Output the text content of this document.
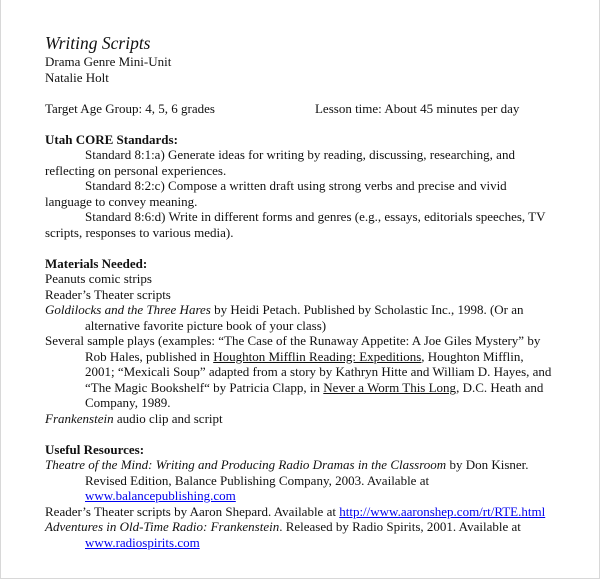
Writing Scripts
Drama Genre Mini-Unit
Natalie Holt
Target Age Group: 4, 5, 6 grades	Lesson time: About 45 minutes per day
Utah CORE Standards:
Standard 8:1:a) Generate ideas for writing by reading, discussing, researching, and
reflecting on personal experiences.
Standard 8:2:c) Compose a written draft using strong verbs and precise and vivid
language to convey meaning.
Standard 8:6:d) Write in different forms and genres (e.g., essays, editorials speeches, TV
scripts, responses to various media).
Materials Needed:
Peanuts comic strips
Reader’s Theater scripts
Goldilocks and the Three Hares by Heidi Petach. Published by Scholastic Inc., 1998. (Or an
alternative favorite picture book of your class)
Several sample plays (examples: “The Case of the Runaway Appetite: A Joe Giles Mystery” by
Rob Hales, published in Houghton Mifflin Reading: Expeditions, Houghton Mifflin,
2001; “Mexicali Soup” adapted from a story by Kathryn Hitte and William D. Hayes, and
“The Magic Bookshelf“ by Patricia Clapp, in Never a Worm This Long, D.C. Heath and
Company, 1989.
Frankenstein audio clip and script
Useful Resources:
Theatre of the Mind: Writing and Producing Radio Dramas in the Classroom by Don Kisner.
Revised Edition, Balance Publishing Company, 2003. Available at
www.balancepublishing.com
Reader’s Theater scripts by Aaron Shepard. Available at http://www.aaronshep.com/rt/RTE.html
Adventures in Old-Time Radio: Frankenstein. Released by Radio Spirits, 2001. Available at
www.radiospirits.com
